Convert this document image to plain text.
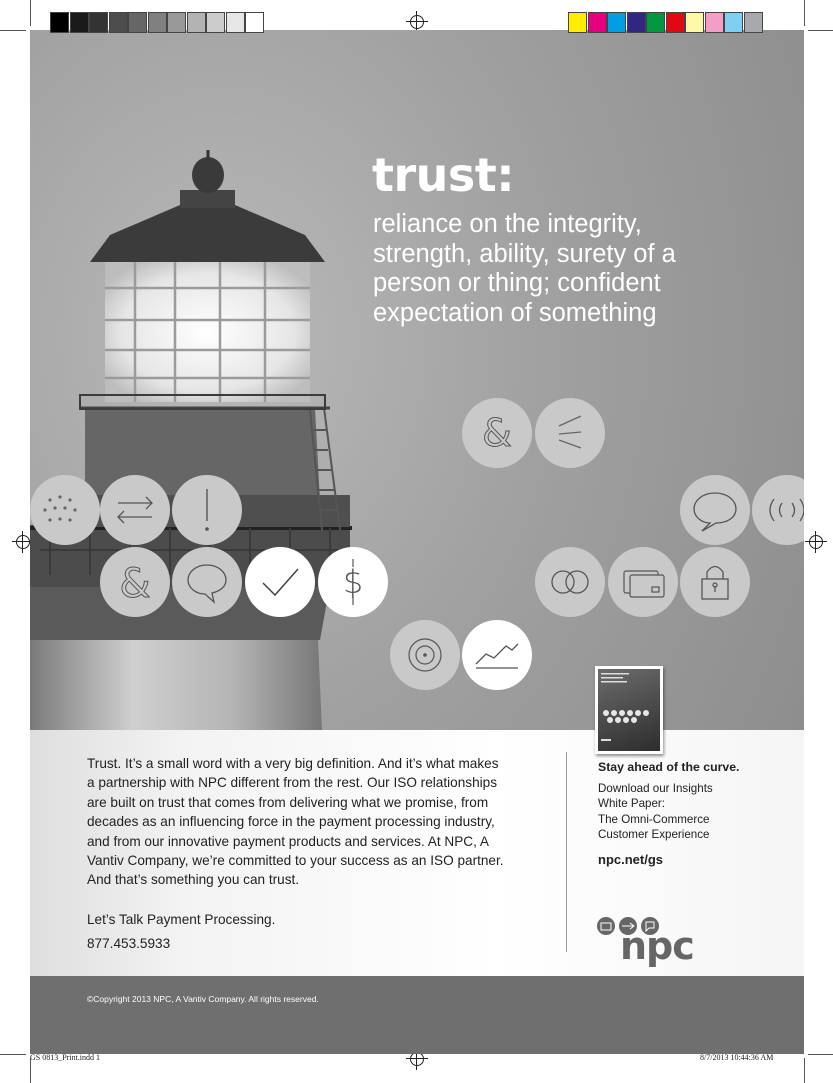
trust:
reliance on the integrity,
strength, ability, surety of a
person or thing; confident
expectation of something
&
&	$
Trust. It’s a small word with a very big definition. And it’s what makes
a partnership with NPC different from the rest. Our ISO relationships
are built on trust that comes from delivering what we promise, from
decades as an influencing force in the payment processing industry,
and from our innovative payment products and services. At NPC, A
Vantiv Company, we’re committed to your success as an ISO partner.
And that’s something you can trust.
Let’s Talk Payment Processing.
877.453.5933
Stay ahead of the curve.
Download our Insights
White Paper:
The Omni-Commerce
Customer Experience
npc.net/gs
npc
©Copyright 2013 NPC, A Vantiv Company. All rights reserved.
GS 0813_Print.indd 1	8/7/2013 10:44:36 AM
